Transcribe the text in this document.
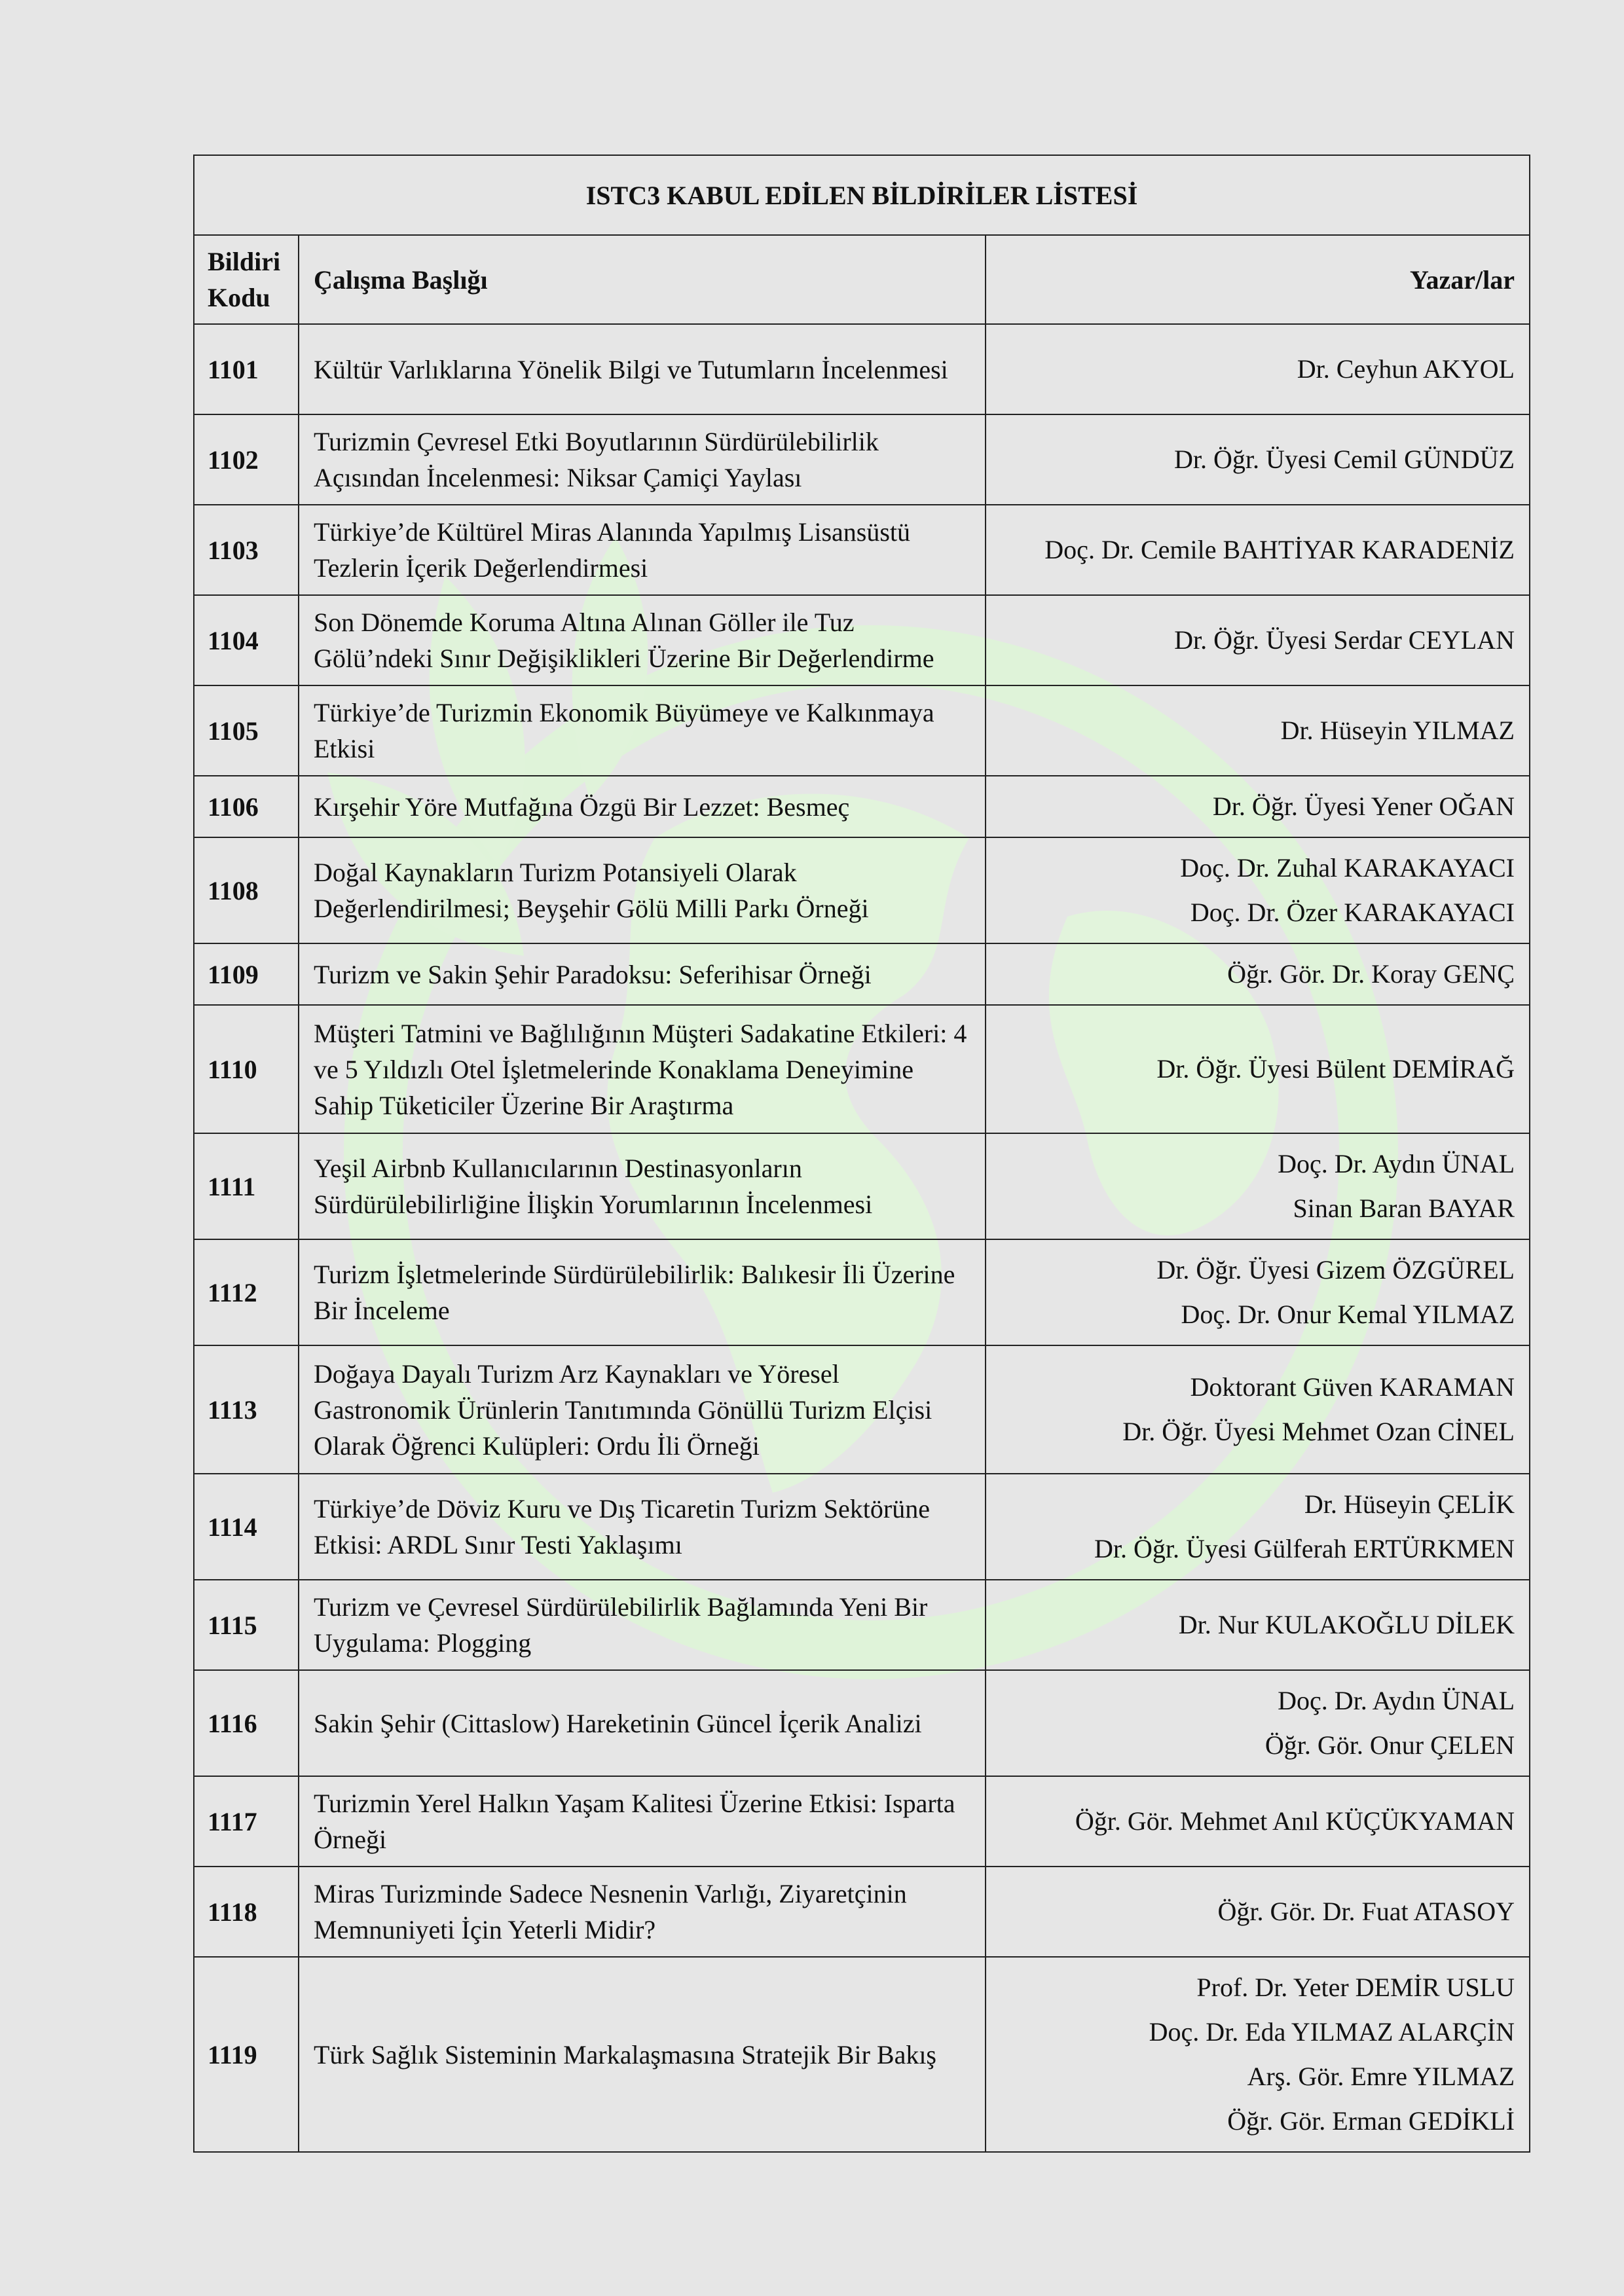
ISTC3 KABUL EDİLEN BİLDİRİLER LİSTESİ		
Bildiri Kodu	Çalışma Başlığı	Yazar/lar
1101	Kültür Varlıklarına Yönelik Bilgi ve Tutumların İncelenmesi	Dr. Ceyhun AKYOL

1102	Turizmin Çevresel Etki Boyutlarının Sürdürülebilirlik Açısından İncelenmesi: Niksar Çamiçi Yaylası	Dr. Öğr. Üyesi Cemil GÜNDÜZ

1103	Türkiye’de Kültürel Miras Alanında Yapılmış Lisansüstü Tezlerin İçerik Değerlendirmesi	Doç. Dr. Cemile BAHTİYAR KARADENİZ

1104	Son Dönemde Koruma Altına Alınan Göller ile Tuz Gölü’ndeki Sınır Değişiklikleri Üzerine Bir Değerlendirme	Dr. Öğr. Üyesi Serdar CEYLAN

1105	Türkiye’de Turizmin Ekonomik Büyümeye ve Kalkınmaya Etkisi	Dr. Hüseyin YILMAZ

1106	Kırşehir Yöre Mutfağına Özgü Bir Lezzet: Besmeç	Dr. Öğr. Üyesi Yener OĞAN

1108	Doğal Kaynakların Turizm Potansiyeli Olarak Değerlendirilmesi; Beyşehir Gölü Milli Parkı Örneği	Doç. Dr. Zuhal KARAKAYACI
Doç. Dr. Özer KARAKAYACI

1109	Turizm ve Sakin Şehir Paradoksu: Seferihisar Örneği	Öğr. Gör. Dr. Koray GENÇ

1110	Müşteri Tatmini ve Bağlılığının Müşteri Sadakatine Etkileri: 4 ve 5 Yıldızlı Otel İşletmelerinde Konaklama Deneyimine Sahip Tüketiciler Üzerine Bir Araştırma	Dr. Öğr. Üyesi Bülent DEMİRAĞ

1111	Yeşil Airbnb Kullanıcılarının Destinasyonların Sürdürülebilirliğine İlişkin Yorumlarının İncelenmesi	Doç. Dr. Aydın ÜNAL
Sinan Baran BAYAR

1112	Turizm İşletmelerinde Sürdürülebilirlik: Balıkesir İli Üzerine Bir İnceleme	Dr. Öğr. Üyesi Gizem ÖZGÜREL
Doç. Dr. Onur Kemal YILMAZ

1113	Doğaya Dayalı Turizm Arz Kaynakları ve Yöresel Gastronomik Ürünlerin Tanıtımında Gönüllü Turizm Elçisi Olarak Öğrenci Kulüpleri: Ordu İli Örneği	Doktorant Güven KARAMAN
Dr. Öğr. Üyesi Mehmet Ozan CİNEL

1114	Türkiye’de Döviz Kuru ve Dış Ticaretin Turizm Sektörüne Etkisi: ARDL Sınır Testi Yaklaşımı	Dr. Hüseyin ÇELİK
Dr. Öğr. Üyesi Gülferah ERTÜRKMEN

1115	Turizm ve Çevresel Sürdürülebilirlik Bağlamında Yeni Bir Uygulama: Plogging	Dr. Nur KULAKOĞLU DİLEK

1116	Sakin Şehir (Cittaslow) Hareketinin Güncel İçerik Analizi	Doç. Dr. Aydın ÜNAL
Öğr. Gör. Onur ÇELEN

1117	Turizmin Yerel Halkın Yaşam Kalitesi Üzerine Etkisi: Isparta Örneği	Öğr. Gör. Mehmet Anıl KÜÇÜKYAMAN

1118	Miras Turizminde Sadece Nesnenin Varlığı, Ziyaretçinin Memnuniyeti İçin Yeterli Midir?	Öğr. Gör. Dr. Fuat ATASOY

1119	Türk Sağlık Sisteminin Markalaşmasına Stratejik Bir Bakış	Prof. Dr. Yeter DEMİR USLU
Doç. Dr. Eda YILMAZ ALARÇİN
Arş. Gör. Emre YILMAZ
Öğr. Gör. Erman GEDİKLİ
